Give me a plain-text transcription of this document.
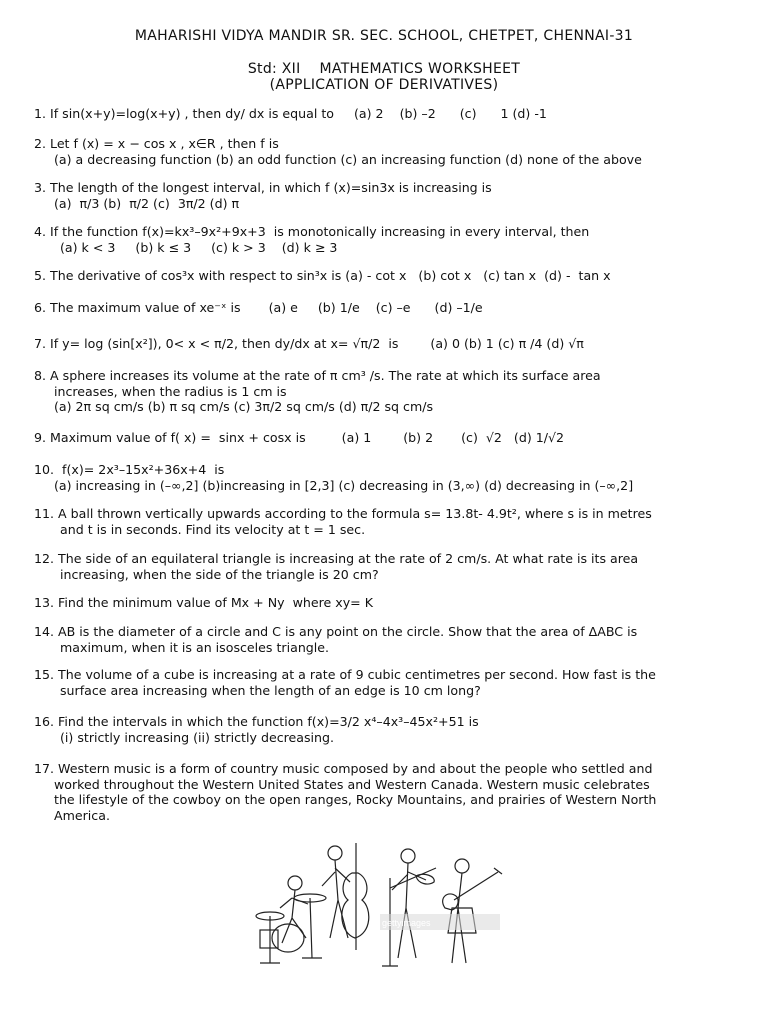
MAHARISHI VIDYA MANDIR SR. SEC. SCHOOL, CHETPET, CHENNAI-31
Std: XII    MATHEMATICS WORKSHEET
(APPLICATION OF DERIVATIVES)
1. If sin(x+y)=log(x+y) , then dy/ dx is equal to     (a) 2    (b) –2      (c)      1 (d) -1
2. Let f (x) = x − cos x , x∈R , then f is
(a) a decreasing function (b) an odd function (c) an increasing function (d) none of the above
3. The length of the longest interval, in which f (x)=sin3x is increasing is
(a)  π/3 (b)  π/2 (c)  3π/2 (d) π
4. If the function f(x)=kx³–9x²+9x+3  is monotonically increasing in every interval, then
(a) k < 3     (b) k ≤ 3     (c) k > 3    (d) k ≥ 3
5. The derivative of cos³x with respect to sin³x is (a) - cot x   (b) cot x   (c) tan x  (d) -  tan x
6. The maximum value of xe⁻ˣ is       (a) e     (b) 1/e    (c) –e      (d) –1/e
7. If y= log (sin[x²]), 0< x < π/2, then dy/dx at x= √π/2  is        (a) 0 (b) 1 (c) π /4 (d) √π
8. A sphere increases its volume at the rate of π cm³ /s. The rate at which its surface area
increases, when the radius is 1 cm is
(a) 2π sq cm/s (b) π sq cm/s (c) 3π/2 sq cm/s (d) π/2 sq cm/s
9. Maximum value of f( x) =  sinx + cosx is         (a) 1        (b) 2       (c)  √2   (d) 1/√2
10.  f(x)= 2x³–15x²+36x+4  is
(a) increasing in (–∞,2] (b)increasing in [2,3] (c) decreasing in (3,∞) (d) decreasing in (–∞,2]
11. A ball thrown vertically upwards according to the formula s= 13.8t- 4.9t², where s is in metres
and t is in seconds. Find its velocity at t = 1 sec.
12. The side of an equilateral triangle is increasing at the rate of 2 cm/s. At what rate is its area
increasing, when the side of the triangle is 20 cm?
13. Find the minimum value of Mx + Ny  where xy= K
14. AB is the diameter of a circle and C is any point on the circle. Show that the area of ΔABC is
maximum, when it is an isosceles triangle.
15. The volume of a cube is increasing at a rate of 9 cubic centimetres per second. How fast is the
surface area increasing when the length of an edge is 10 cm long?
16. Find the intervals in which the function f(x)=3/2 x⁴–4x³–45x²+51 is
(i) strictly increasing (ii) strictly decreasing.
17. Western music is a form of country music composed by and about the people who settled and
worked throughout the Western United States and Western Canada. Western music celebrates
the lifestyle of the cowboy on the open ranges, Rocky Mountains, and prairies of Western North
America.
gettyimages
